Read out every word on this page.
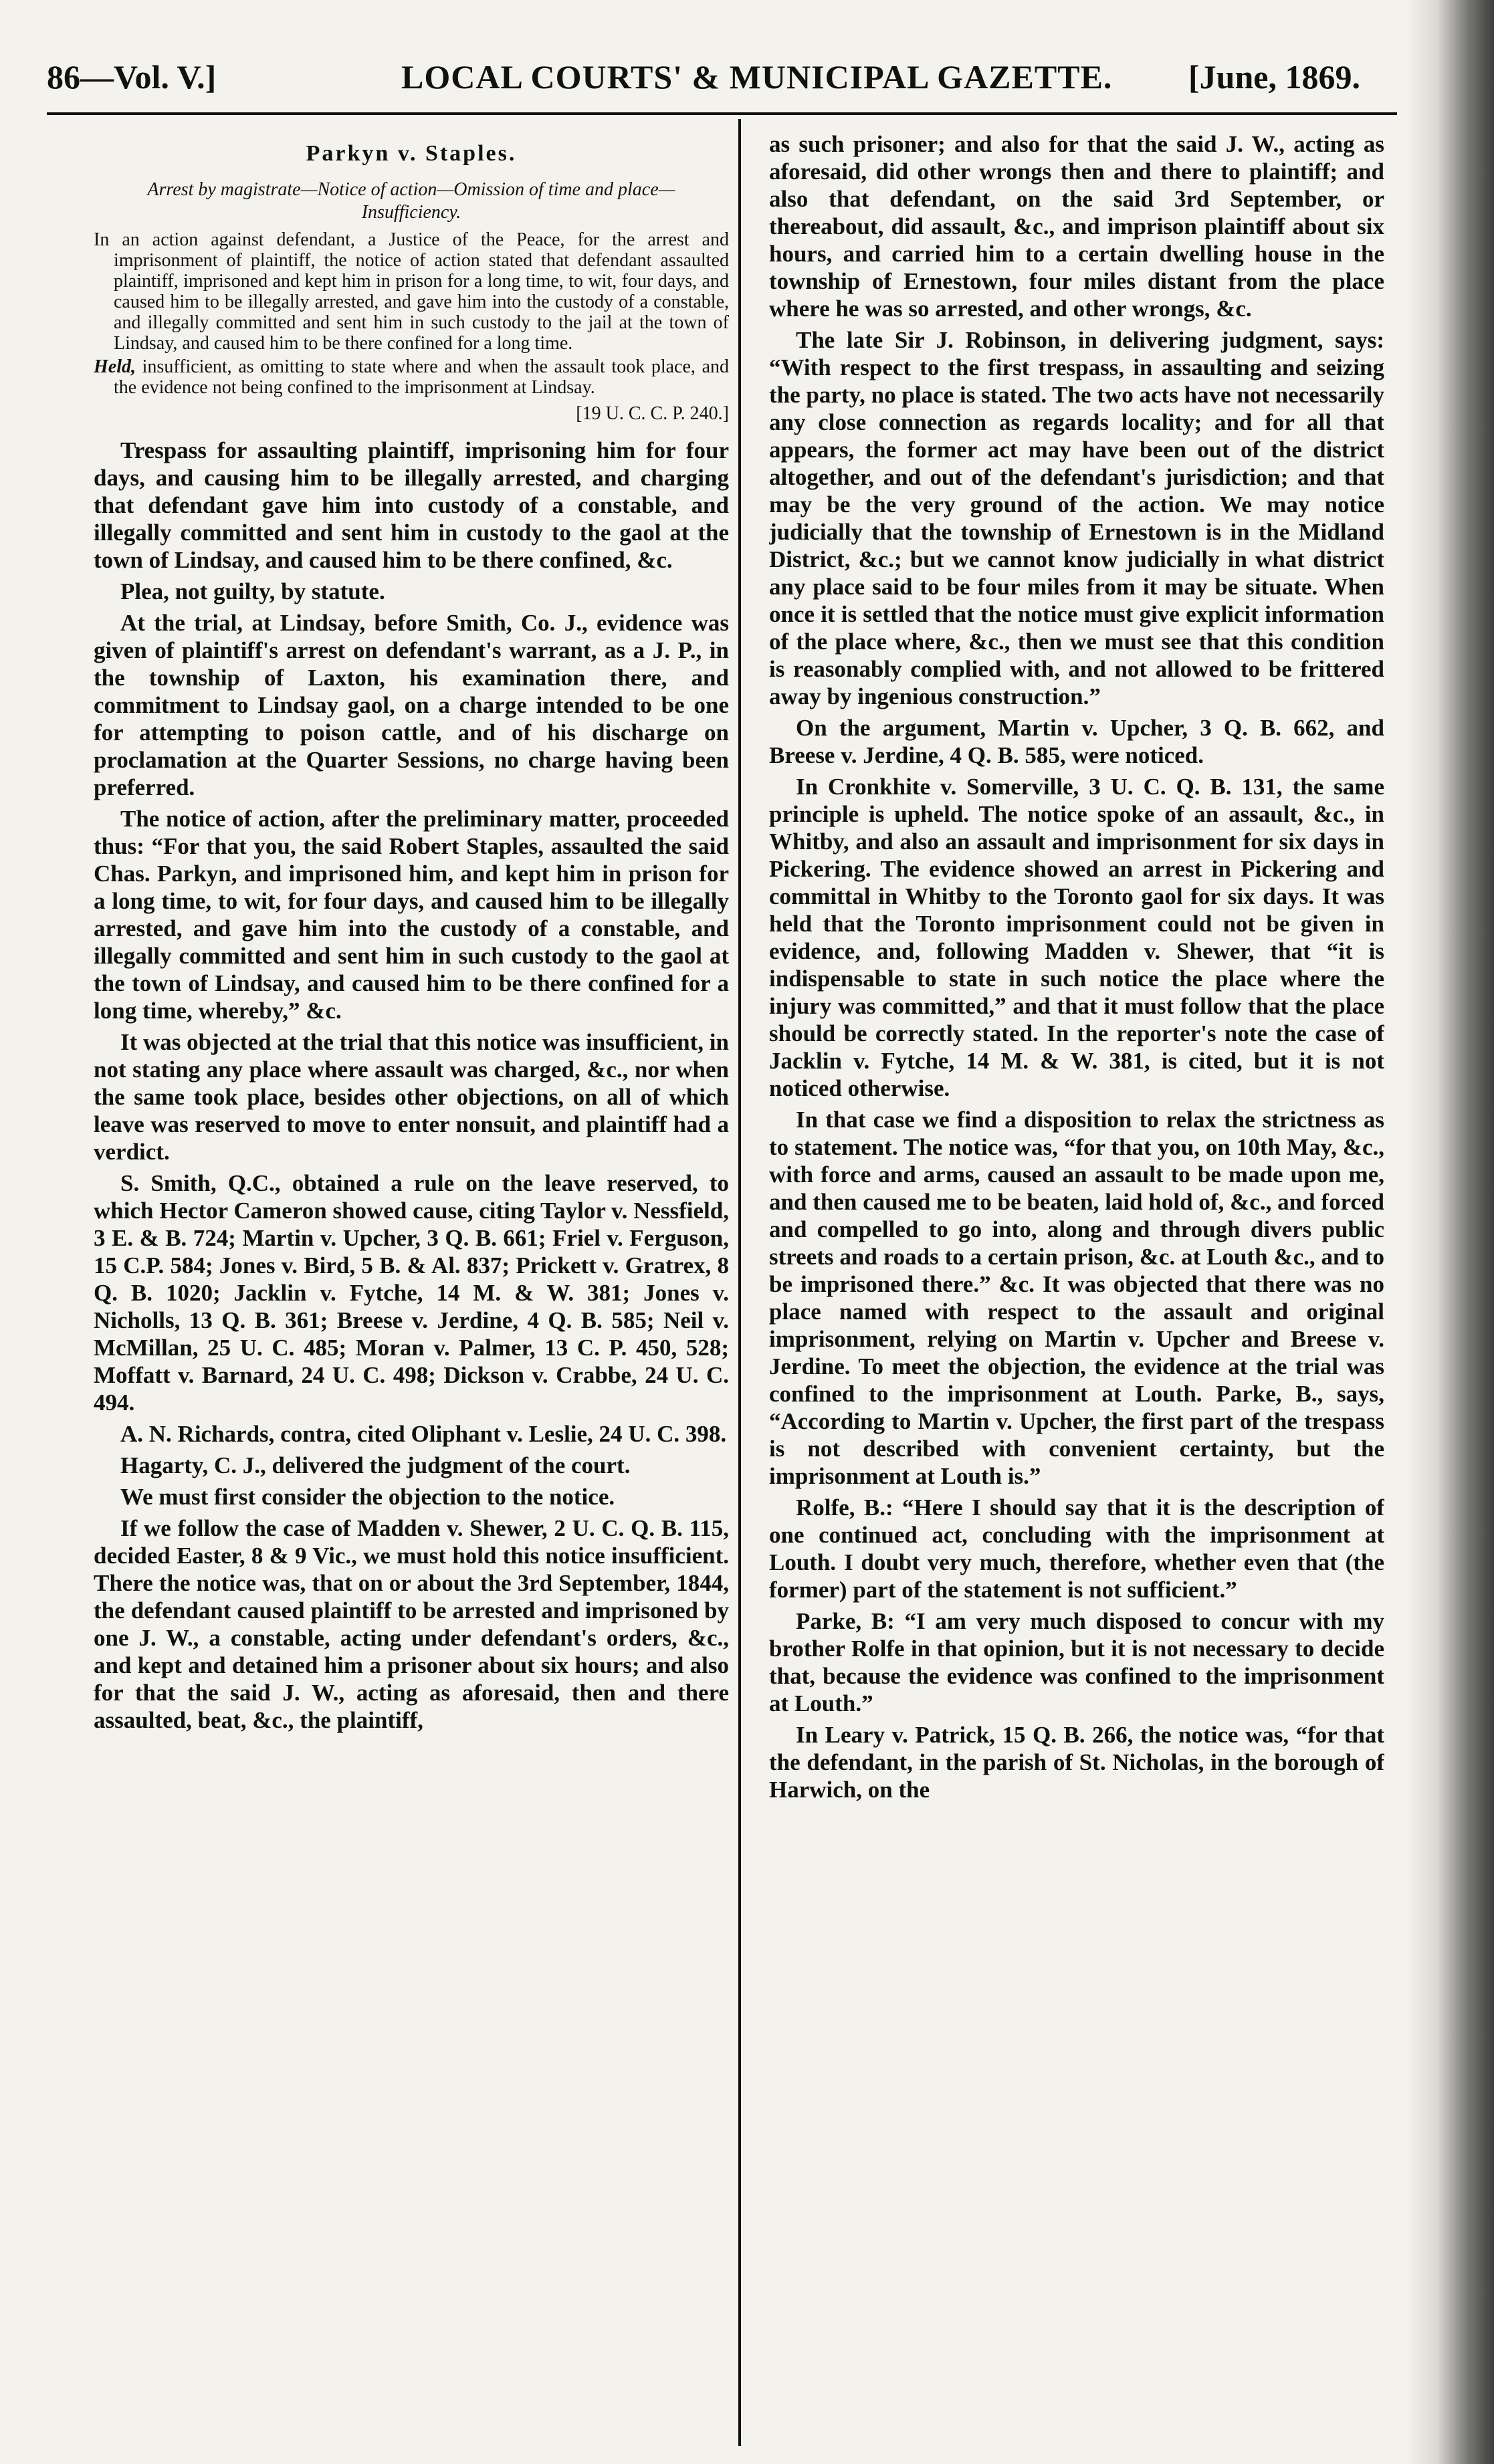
86—Vol. V.]	LOCAL COURTS' & MUNICIPAL GAZETTE. [June, 1869.
Parkyn v. Staples.
Arrest by magistrate—Notice of action—Omission of time and place—Insufficiency.

In an action against defendant, a Justice of the Peace, for the arrest and imprisonment of plaintiff, the notice of action stated that defendant assaulted plaintiff, imprisoned and kept him in prison for a long time, to wit, four days, and caused him to be illegally arrested, and gave him into the custody of a constable, and illegally committed and sent him in such custody to the jail at the town of Lindsay, and caused him to be there confined for a long time.

Held, insufficient, as omitting to state where and when the assault took place, and the evidence not being confined to the imprisonment at Lindsay.

[19 U. C. C. P. 240.]

Trespass for assaulting plaintiff, imprisoning him for four days, and causing him to be illegally arrested, and charging that defendant gave him into custody of a constable, and illegally committed and sent him in custody to the gaol at the town of Lindsay, and caused him to be there confined, &c.

Plea, not guilty, by statute.

At the trial, at Lindsay, before Smith, Co. J., evidence was given of plaintiff's arrest on defendant's warrant, as a J. P., in the township of Laxton, his examination there, and commitment to Lindsay gaol, on a charge intended to be one for attempting to poison cattle, and of his discharge on proclamation at the Quarter Sessions, no charge having been preferred.

The notice of action, after the preliminary matter, proceeded thus: “For that you, the said Robert Staples, assaulted the said Chas. Parkyn, and imprisoned him, and kept him in prison for a long time, to wit, for four days, and caused him to be illegally arrested, and gave him into the custody of a constable, and illegally committed and sent him in such custody to the gaol at the town of Lindsay, and caused him to be there confined for a long time, whereby,” &c.

It was objected at the trial that this notice was insufficient, in not stating any place where assault was charged, &c., nor when the same took place, besides other objections, on all of which leave was reserved to move to enter nonsuit, and plaintiff had a verdict.

S. Smith, Q.C., obtained a rule on the leave reserved, to which Hector Cameron showed cause, citing Taylor v. Nessfield, 3 E. & B. 724; Martin v. Upcher, 3 Q. B. 661; Friel v. Ferguson, 15 C.P. 584; Jones v. Bird, 5 B. & Al. 837; Prickett v. Gratrex, 8 Q. B. 1020; Jacklin v. Fytche, 14 M. & W. 381; Jones v. Nicholls, 13 Q. B. 361; Breese v. Jerdine, 4 Q. B. 585; Neil v. McMillan, 25 U. C. 485; Moran v. Palmer, 13 C. P. 450, 528; Moffatt v. Barnard, 24 U. C. 498; Dickson v. Crabbe, 24 U. C. 494.

A. N. Richards, contra, cited Oliphant v. Leslie, 24 U. C. 398.

Hagarty, C. J., delivered the judgment of the court.

We must first consider the objection to the notice.

If we follow the case of Madden v. Shewer, 2 U. C. Q. B. 115, decided Easter, 8 & 9 Vic., we must hold this notice insufficient. There the notice was, that on or about the 3rd September, 1844, the defendant caused plaintiff to be arrested and imprisoned by one J. W., a constable, acting under defendant's orders, &c., and kept and detained him a prisoner about six hours; and also for that the said J. W., acting as aforesaid, then and there assaulted, beat, &c., the plaintiff,

as such prisoner; and also for that the said J. W., acting as aforesaid, did other wrongs then and there to plaintiff; and also that defendant, on the said 3rd September, or thereabout, did assault, &c., and imprison plaintiff about six hours, and carried him to a certain dwelling house in the township of Ernestown, four miles distant from the place where he was so arrested, and other wrongs, &c.

The late Sir J. Robinson, in delivering judgment, says: “With respect to the first trespass, in assaulting and seizing the party, no place is stated. The two acts have not necessarily any close connection as regards locality; and for all that appears, the former act may have been out of the district altogether, and out of the defendant's jurisdiction; and that may be the very ground of the action. We may notice judicially that the township of Ernestown is in the Midland District, &c.; but we cannot know judicially in what district any place said to be four miles from it may be situate. When once it is settled that the notice must give explicit information of the place where, &c., then we must see that this condition is reasonably complied with, and not allowed to be frittered away by ingenious construction.”

On the argument, Martin v. Upcher, 3 Q. B. 662, and Breese v. Jerdine, 4 Q. B. 585, were noticed.

In Cronkhite v. Somerville, 3 U. C. Q. B. 131, the same principle is upheld. The notice spoke of an assault, &c., in Whitby, and also an assault and imprisonment for six days in Pickering. The evidence showed an arrest in Pickering and committal in Whitby to the Toronto gaol for six days. It was held that the Toronto imprisonment could not be given in evidence, and, following Madden v. Shewer, that “it is indispensable to state in such notice the place where the injury was committed,” and that it must follow that the place should be correctly stated. In the reporter's note the case of Jacklin v. Fytche, 14 M. & W. 381, is cited, but it is not noticed otherwise.

In that case we find a disposition to relax the strictness as to statement. The notice was, “for that you, on 10th May, &c., with force and arms, caused an assault to be made upon me, and then caused me to be beaten, laid hold of, &c., and forced and compelled to go into, along and through divers public streets and roads to a certain prison, &c. at Louth &c., and to be imprisoned there.” &c. It was objected that there was no place named with respect to the assault and original imprisonment, relying on Martin v. Upcher and Breese v. Jerdine. To meet the objection, the evidence at the trial was confined to the imprisonment at Louth. Parke, B., says, “According to Martin v. Upcher, the first part of the trespass is not described with convenient certainty, but the imprisonment at Louth is.”

Rolfe, B.: “Here I should say that it is the description of one continued act, concluding with the imprisonment at Louth. I doubt very much, therefore, whether even that (the former) part of the statement is not sufficient.”

Parke, B: “I am very much disposed to concur with my brother Rolfe in that opinion, but it is not necessary to decide that, because the evidence was confined to the imprisonment at Louth.”

In Leary v. Patrick, 15 Q. B. 266, the notice was, “for that the defendant, in the parish of St. Nicholas, in the borough of Harwich, on the
